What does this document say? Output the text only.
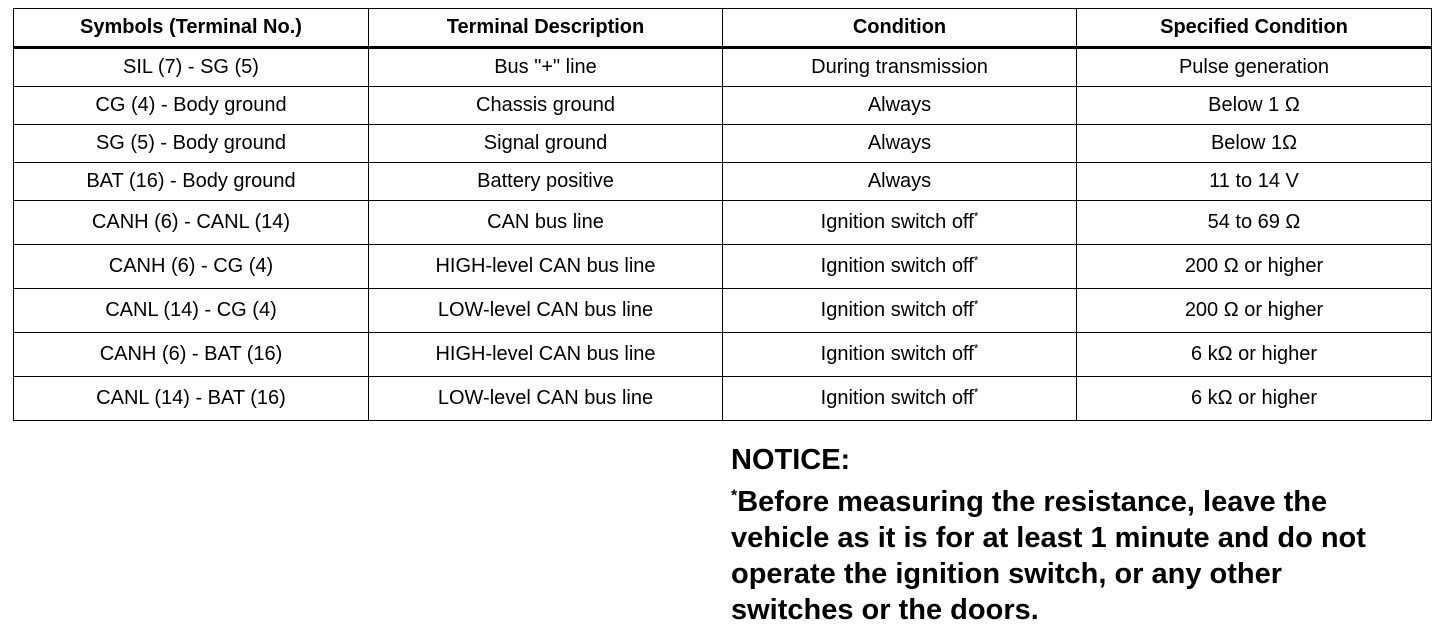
Symbols (Terminal No.)	Terminal Description	Condition	Specified Condition
SIL (7) - SG (5)	Bus "+" line	During transmission	Pulse generation
CG (4) - Body ground	Chassis ground	Always	Below 1 Ω
SG (5) - Body ground	Signal ground	Always	Below 1Ω
BAT (16) - Body ground	Battery positive	Always	11 to 14 V
CANH (6) - CANL (14)	CAN bus line	Ignition switch off*	54 to 69 Ω
CANH (6) - CG (4)	HIGH-level CAN bus line	Ignition switch off*	200 Ω or higher
CANL (14) - CG (4)	LOW-level CAN bus line	Ignition switch off*	200 Ω or higher
CANH (6) - BAT (16)	HIGH-level CAN bus line	Ignition switch off*	6 kΩ or higher
CANL (14) - BAT (16)	LOW-level CAN bus line	Ignition switch off*	6 kΩ or higher
NOTICE:
*Before measuring the resistance, leave the
vehicle as it is for at least 1 minute and do not
operate the ignition switch, or any other
switches or the doors.
